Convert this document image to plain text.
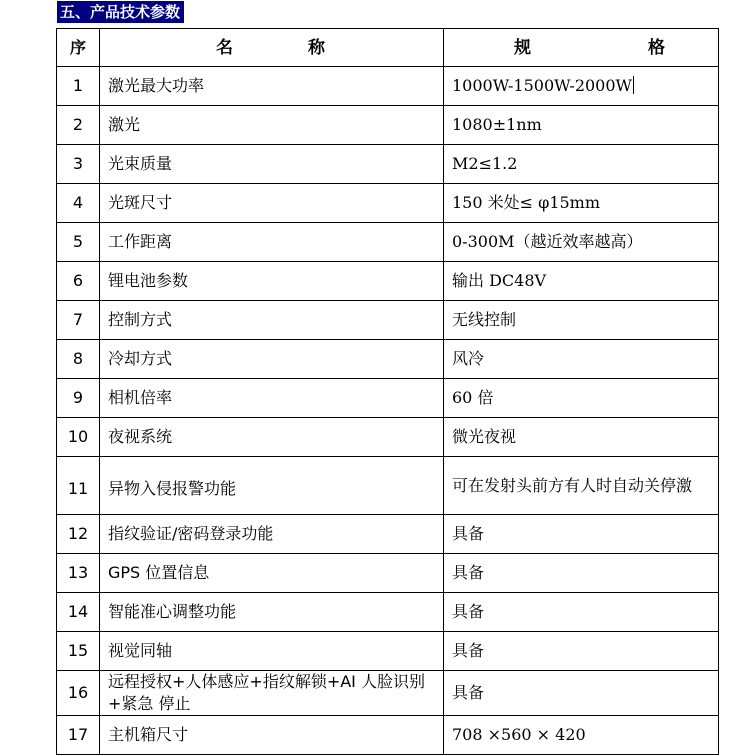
五、产品技术参数
序	名 称	规 格

1	激光最大功率	1000W-1500W-2000W
2	激光	1080±1nm
3	光束质量	M2≤1.2
4	光斑尺寸	150 米处≤ φ15mm
5	工作距离	0-300M（越近效率越高）
6	锂电池参数	输出 DC48V
7	控制方式	无线控制
8	冷却方式	风冷
9	相机倍率	60 倍
10	夜视系统	微光夜视
11	异物入侵报警功能	可在发射头前方有人时自动关停激
12	指纹验证/密码登录功能	具备
13	GPS 位置信息	具备
14	智能准心调整功能	具备
15	视觉同轴	具备
16	远程授权+人体感应+指纹解锁+AI 人脸识别+紧急 停止	具备
17	主机箱尺寸	708 ×560 × 420
